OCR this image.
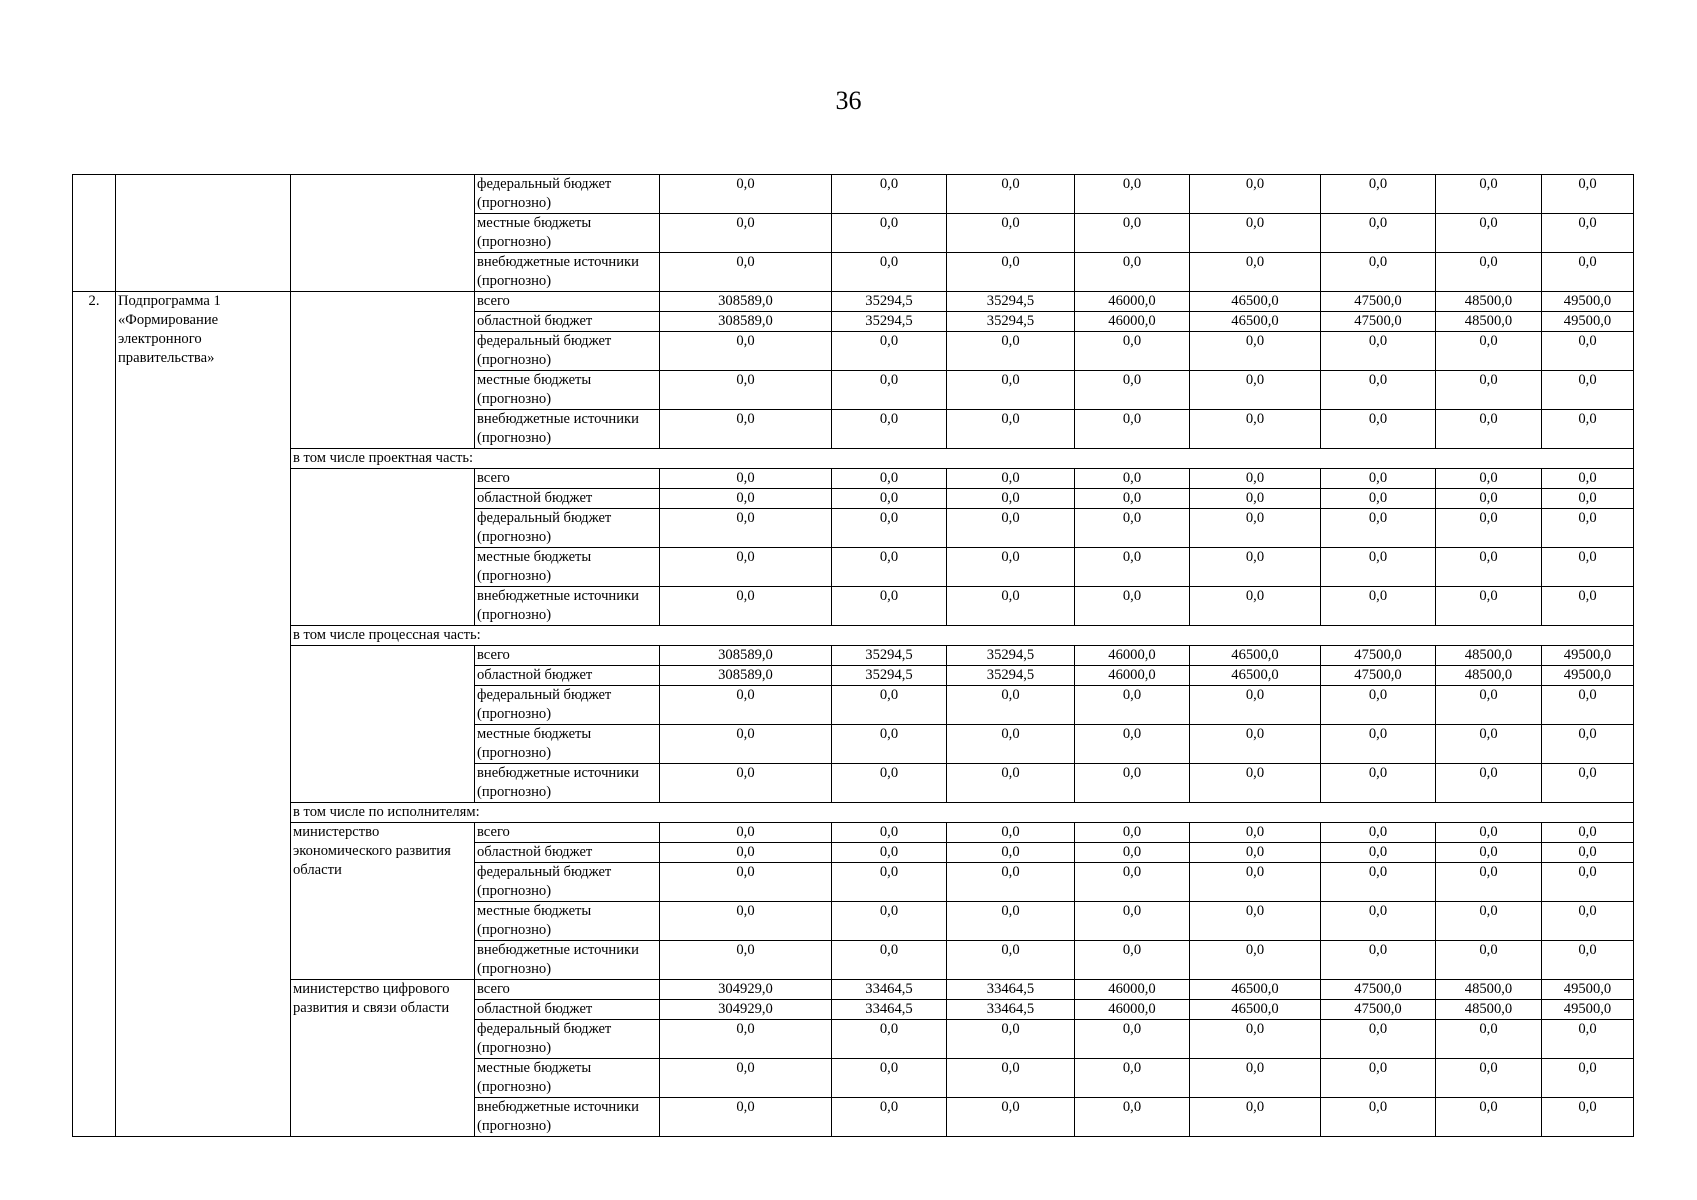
36
			федеральный бюджет (прогнозно)	0,0	0,0	0,0	0,0	0,0	0,0	0,0	0,0
			местные бюджеты (прогнозно)	0,0	0,0	0,0	0,0	0,0	0,0	0,0	0,0
			внебюджетные источники (прогнозно)	0,0	0,0	0,0	0,0	0,0	0,0	0,0	0,0
2.	Подпрограмма 1 «Формирование электронного правительства»		всего	308589,0	35294,5	35294,5	46000,0	46500,0	47500,0	48500,0	49500,0
			областной бюджет	308589,0	35294,5	35294,5	46000,0	46500,0	47500,0	48500,0	49500,0
			федеральный бюджет (прогнозно)	0,0	0,0	0,0	0,0	0,0	0,0	0,0	0,0
			местные бюджеты (прогнозно)	0,0	0,0	0,0	0,0	0,0	0,0	0,0	0,0
			внебюджетные источники (прогнозно)	0,0	0,0	0,0	0,0	0,0	0,0	0,0	0,0
		в том числе проектная часть:									
			всего	0,0	0,0	0,0	0,0	0,0	0,0	0,0	0,0
			областной бюджет	0,0	0,0	0,0	0,0	0,0	0,0	0,0	0,0
			федеральный бюджет (прогнозно)	0,0	0,0	0,0	0,0	0,0	0,0	0,0	0,0
			местные бюджеты (прогнозно)	0,0	0,0	0,0	0,0	0,0	0,0	0,0	0,0
			внебюджетные источники (прогнозно)	0,0	0,0	0,0	0,0	0,0	0,0	0,0	0,0
		в том числе процессная часть:									
			всего	308589,0	35294,5	35294,5	46000,0	46500,0	47500,0	48500,0	49500,0
			областной бюджет	308589,0	35294,5	35294,5	46000,0	46500,0	47500,0	48500,0	49500,0
			федеральный бюджет (прогнозно)	0,0	0,0	0,0	0,0	0,0	0,0	0,0	0,0
			местные бюджеты (прогнозно)	0,0	0,0	0,0	0,0	0,0	0,0	0,0	0,0
			внебюджетные источники (прогнозно)	0,0	0,0	0,0	0,0	0,0	0,0	0,0	0,0
		в том числе по исполнителям:									
		министерство экономического развития области	всего	0,0	0,0	0,0	0,0	0,0	0,0	0,0	0,0
			областной бюджет	0,0	0,0	0,0	0,0	0,0	0,0	0,0	0,0
			федеральный бюджет (прогнозно)	0,0	0,0	0,0	0,0	0,0	0,0	0,0	0,0
			местные бюджеты (прогнозно)	0,0	0,0	0,0	0,0	0,0	0,0	0,0	0,0
			внебюджетные источники (прогнозно)	0,0	0,0	0,0	0,0	0,0	0,0	0,0	0,0
		министерство цифрового развития и связи области	всего	304929,0	33464,5	33464,5	46000,0	46500,0	47500,0	48500,0	49500,0
			областной бюджет	304929,0	33464,5	33464,5	46000,0	46500,0	47500,0	48500,0	49500,0
			федеральный бюджет (прогнозно)	0,0	0,0	0,0	0,0	0,0	0,0	0,0	0,0
			местные бюджеты (прогнозно)	0,0	0,0	0,0	0,0	0,0	0,0	0,0	0,0
			внебюджетные источники (прогнозно)	0,0	0,0	0,0	0,0	0,0	0,0	0,0	0,0
